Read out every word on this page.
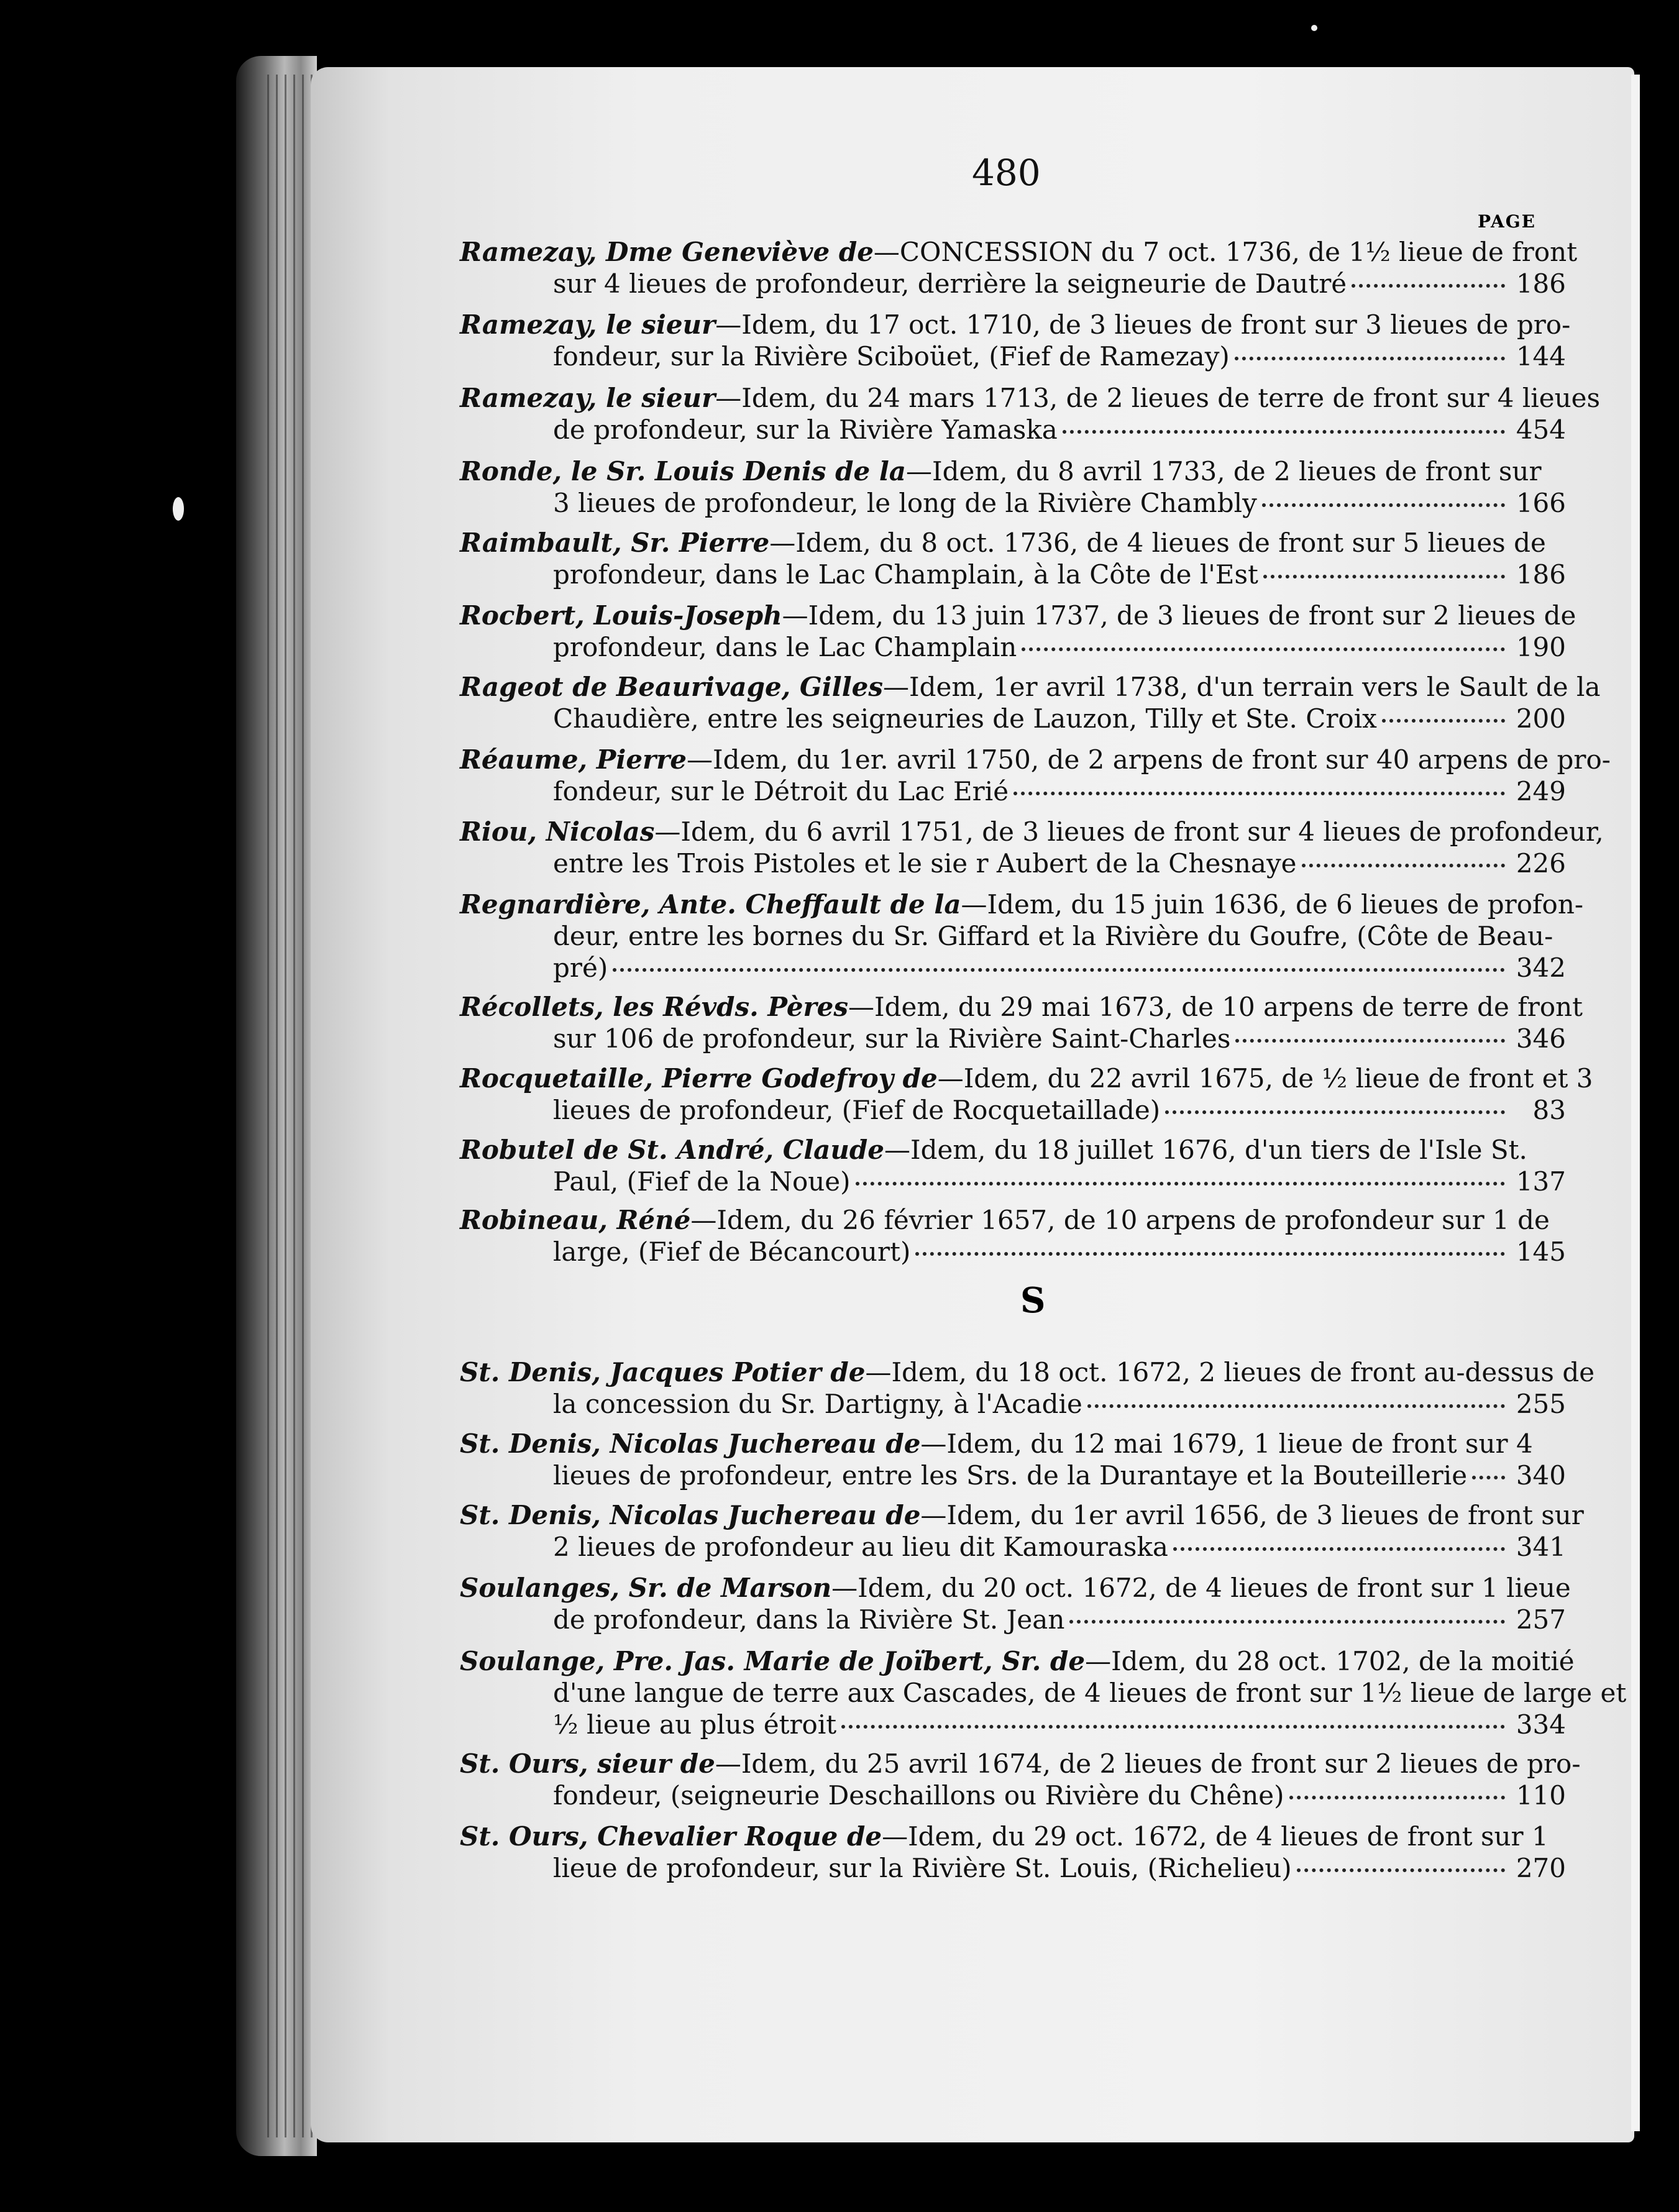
480
PAGE
Ramezay, Dme Geneviève de—CONCESSION du 7 oct. 1736, de 1½ lieue de front
sur 4 lieues de profondeur, derrière la seigneurie de Dautré	186
Ramezay, le sieur—Idem, du 17 oct. 1710, de 3 lieues de front sur 3 lieues de pro-
fondeur, sur la Rivière Sciboüet, (Fief de Ramezay)	144
Ramezay, le sieur—Idem, du 24 mars 1713, de 2 lieues de terre de front sur 4 lieues
de profondeur, sur la Rivière Yamaska	454
Ronde, le Sr. Louis Denis de la—Idem, du 8 avril 1733, de 2 lieues de front sur
3 lieues de profondeur, le long de la Rivière Chambly	166
Raimbault, Sr. Pierre—Idem, du 8 oct. 1736, de 4 lieues de front sur 5 lieues de
profondeur, dans le Lac Champlain, à la Côte de l'Est	186
Rocbert, Louis-Joseph—Idem, du 13 juin 1737, de 3 lieues de front sur 2 lieues de
profondeur, dans le Lac Champlain	190
Rageot de Beaurivage, Gilles—Idem, 1er avril 1738, d'un terrain vers le Sault de la
Chaudière, entre les seigneuries de Lauzon, Tilly et Ste. Croix	200
Réaume, Pierre—Idem, du 1er. avril 1750, de 2 arpens de front sur 40 arpens de pro-
fondeur, sur le Détroit du Lac Erié	249
Riou, Nicolas—Idem, du 6 avril 1751, de 3 lieues de front sur 4 lieues de profondeur,
entre les Trois Pistoles et le sie r Aubert de la Chesnaye	226
Regnardière, Ante. Cheffault de la—Idem, du 15 juin 1636, de 6 lieues de profon-
deur, entre les bornes du Sr. Giffard et la Rivière du Goufre, (Côte de Beau-
pré)	342
Récollets, les Révds. Pères—Idem, du 29 mai 1673, de 10 arpens de terre de front
sur 106 de profondeur, sur la Rivière Saint-Charles	346
Rocquetaille, Pierre Godefroy de—Idem, du 22 avril 1675, de ½ lieue de front et 3
lieues de profondeur, (Fief de Rocquetaillade)	83
Robutel de St. André, Claude—Idem, du 18 juillet 1676, d'un tiers de l'Isle St.
Paul, (Fief de la Noue)	137
Robineau, Réné—Idem, du 26 février 1657, de 10 arpens de profondeur sur 1 de
large, (Fief de Bécancourt)	145
St. Denis, Jacques Potier de—Idem, du 18 oct. 1672, 2 lieues de front au-dessus de
la concession du Sr. Dartigny, à l'Acadie	255
St. Denis, Nicolas Juchereau de—Idem, du 12 mai 1679, 1 lieue de front sur 4
lieues de profondeur, entre les Srs. de la Durantaye et la Bouteillerie 340
St. Denis, Nicolas Juchereau de—Idem, du 1er avril 1656, de 3 lieues de front sur
2 lieues de profondeur au lieu dit Kamouraska	341
Soulanges, Sr. de Marson—Idem, du 20 oct. 1672, de 4 lieues de front sur 1 lieue
de profondeur, dans la Rivière St. Jean	257
Soulange, Pre. Jas. Marie de Joïbert, Sr. de—Idem, du 28 oct. 1702, de la moitié
d'une langue de terre aux Cascades, de 4 lieues de front sur 1½ lieue de large et
½ lieue au plus étroit	334
St. Ours, sieur de—Idem, du 25 avril 1674, de 2 lieues de front sur 2 lieues de pro-
fondeur, (seigneurie Deschaillons ou Rivière du Chêne)	110
St. Ours, Chevalier Roque de—Idem, du 29 oct. 1672, de 4 lieues de front sur 1
lieue de profondeur, sur la Rivière St. Louis, (Richelieu)	270
S
